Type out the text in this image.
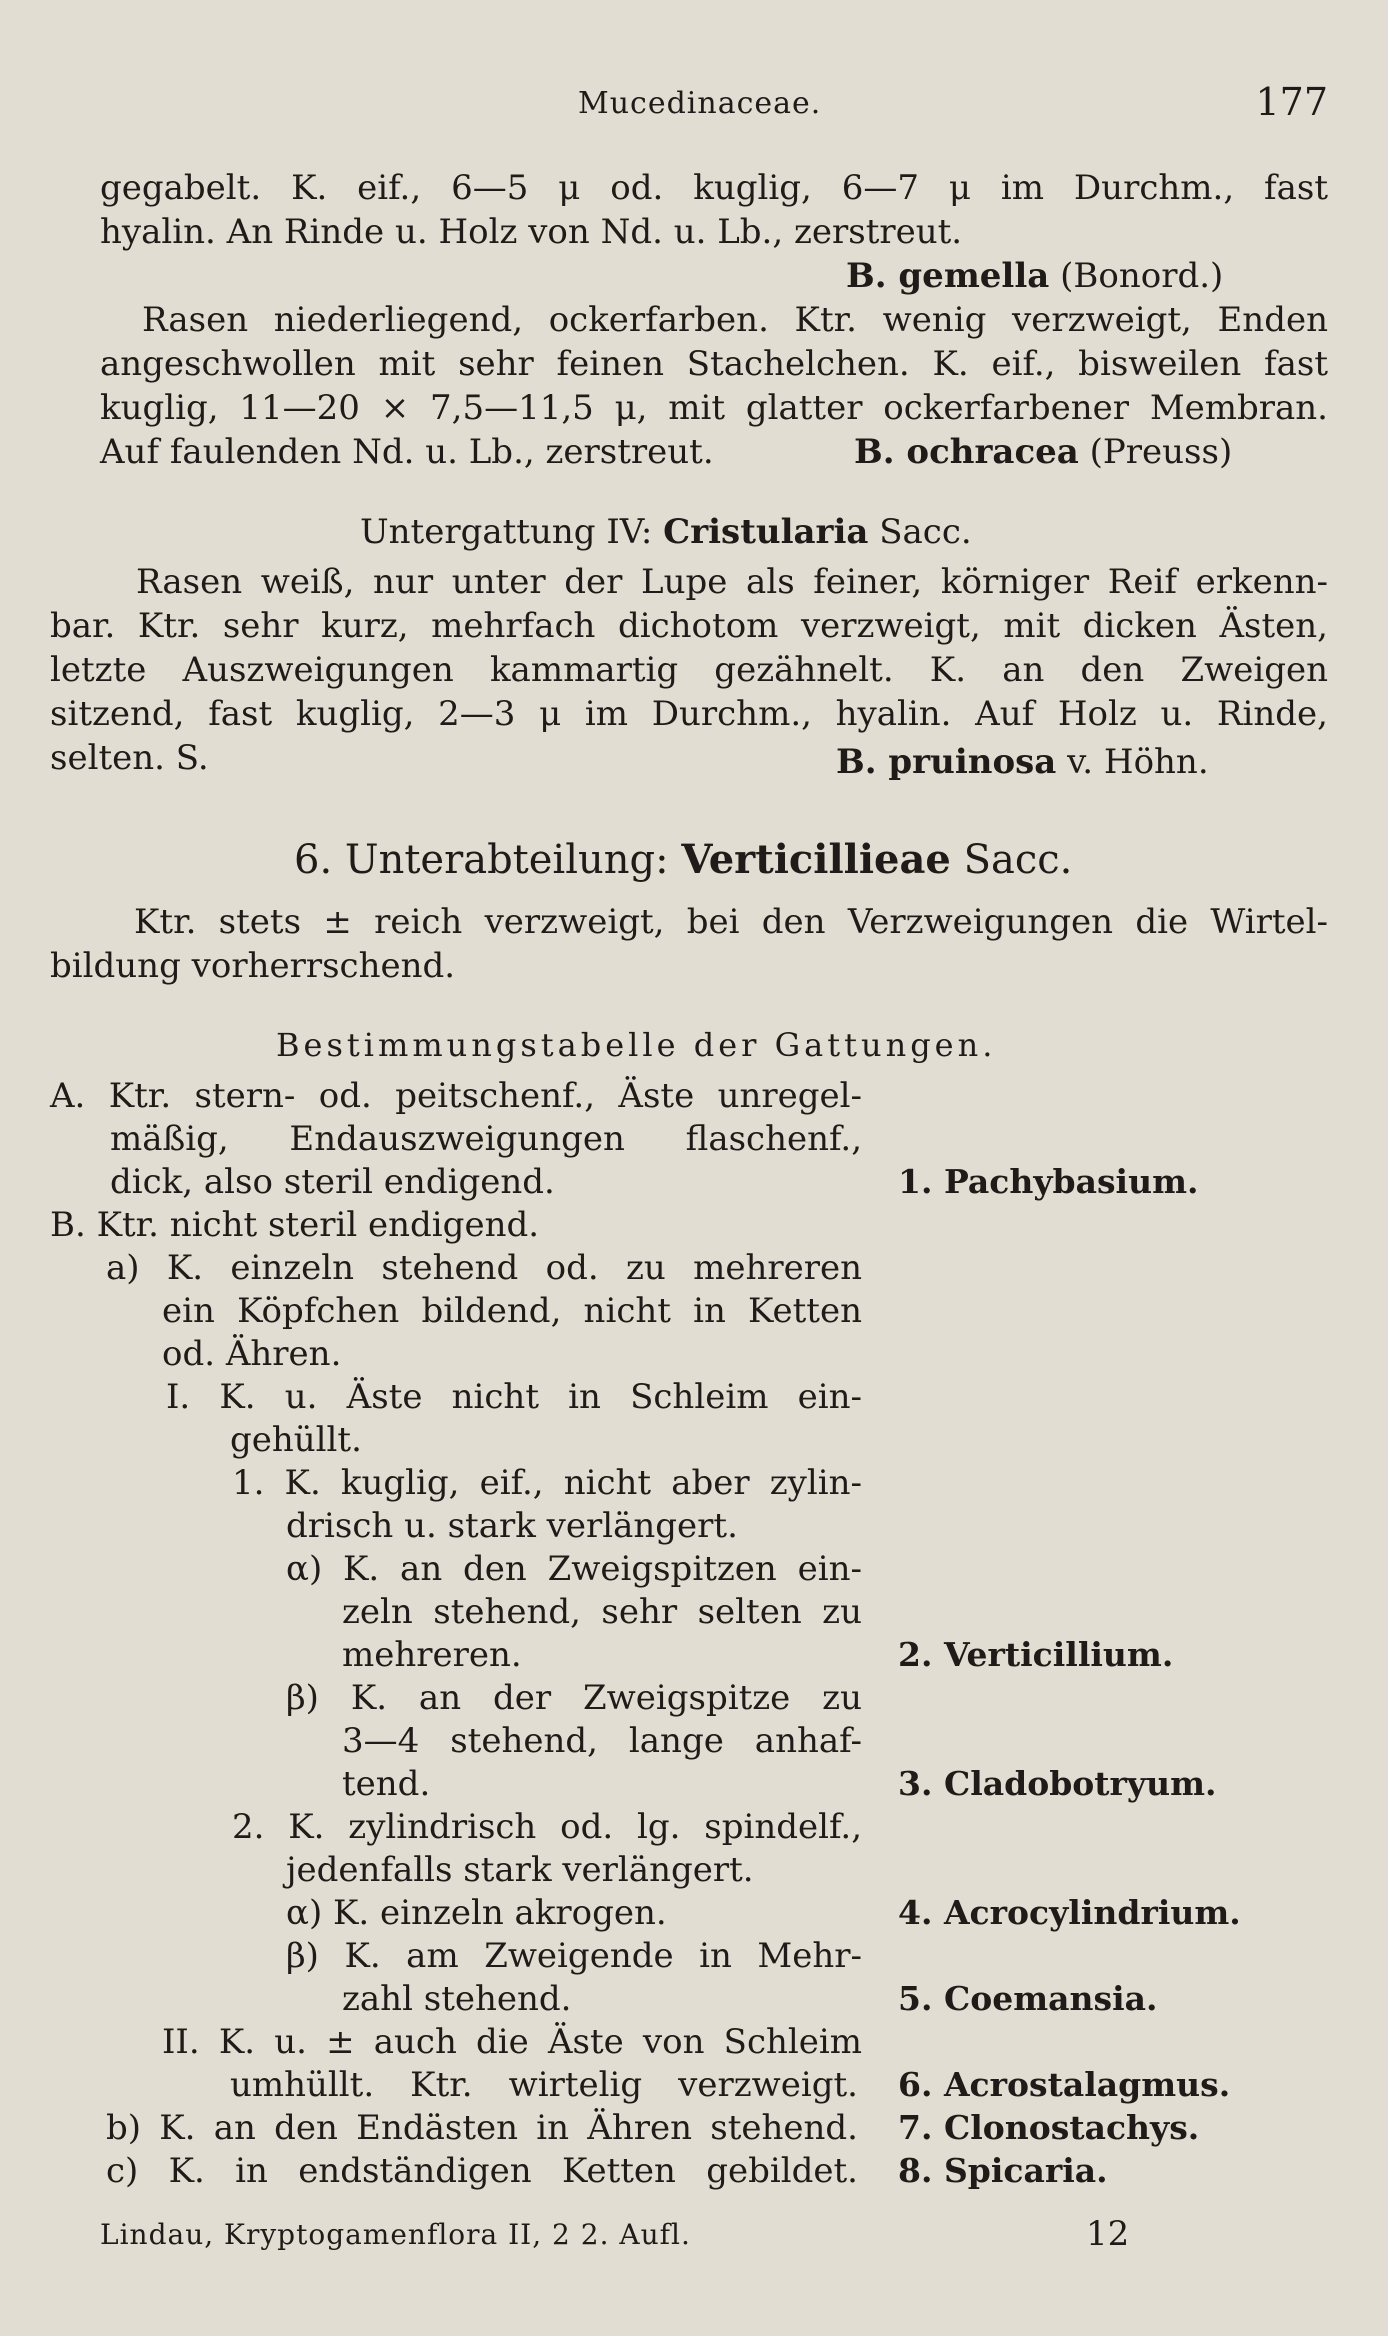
Mucedinaceae.	177
gegabelt. K. eif., 6—5 μ od. kuglig, 6—7 μ im Durchm., fast
hyalin. An Rinde u. Holz von Nd. u. Lb., zerstreut.
B. gemella (Bonord.)
Rasen niederliegend, ockerfarben. Ktr. wenig verzweigt, Enden
angeschwollen mit sehr feinen Stachelchen. K. eif., bisweilen fast
kuglig, 11—20 × 7,5—11,5 μ, mit glatter ockerfarbener Membran.
Auf faulenden Nd. u. Lb., zerstreut.	B. ochracea (Preuss)
Untergattung IV: Cristularia Sacc.
Rasen weiß, nur unter der Lupe als feiner, körniger Reif erkenn-
bar. Ktr. sehr kurz, mehrfach dichotom verzweigt, mit dicken Ästen,
letzte Auszweigungen kammartig gezähnelt. K. an den Zweigen
sitzend, fast kuglig, 2—3 μ im Durchm., hyalin. Auf Holz u. Rinde,
selten. S.	B. pruinosa v. Höhn.
6. Unterabteilung: Verticillieae Sacc.
Ktr. stets ± reich verzweigt, bei den Verzweigungen die Wirtel-
bildung vorherrschend.
Bestimmungstabelle der Gattungen.
A. Ktr. stern- od. peitschenf., Äste unregel-
mäßig, Endauszweigungen flaschenf.,
dick, also steril endigend.	1. Pachybasium.
B. Ktr. nicht steril endigend.
a) K. einzeln stehend od. zu mehreren
ein Köpfchen bildend, nicht in Ketten
od. Ähren.
I. K. u. Äste nicht in Schleim ein-
gehüllt.
1. K. kuglig, eif., nicht aber zylin-
drisch u. stark verlängert.
α) K. an den Zweigspitzen ein-
zeln stehend, sehr selten zu
mehreren.	2. Verticillium.
β) K. an der Zweigspitze zu
3—4 stehend, lange anhaf-
tend.	3. Cladobotryum.
2. K. zylindrisch od. lg. spindelf.,
jedenfalls stark verlängert.
α) K. einzeln akrogen.	4. Acrocylindrium.
β) K. am Zweigende in Mehr-
zahl stehend.	5. Coemansia.
II. K. u. ± auch die Äste von Schleim
umhüllt. Ktr. wirtelig verzweigt. 6. Acrostalagmus.
b) K. an den Endästen in Ähren stehend. 7. Clonostachys.
c) K. in endständigen Ketten gebildet. 8. Spicaria.
Lindau, Kryptogamenflora II, 2 2. Aufl.	12
